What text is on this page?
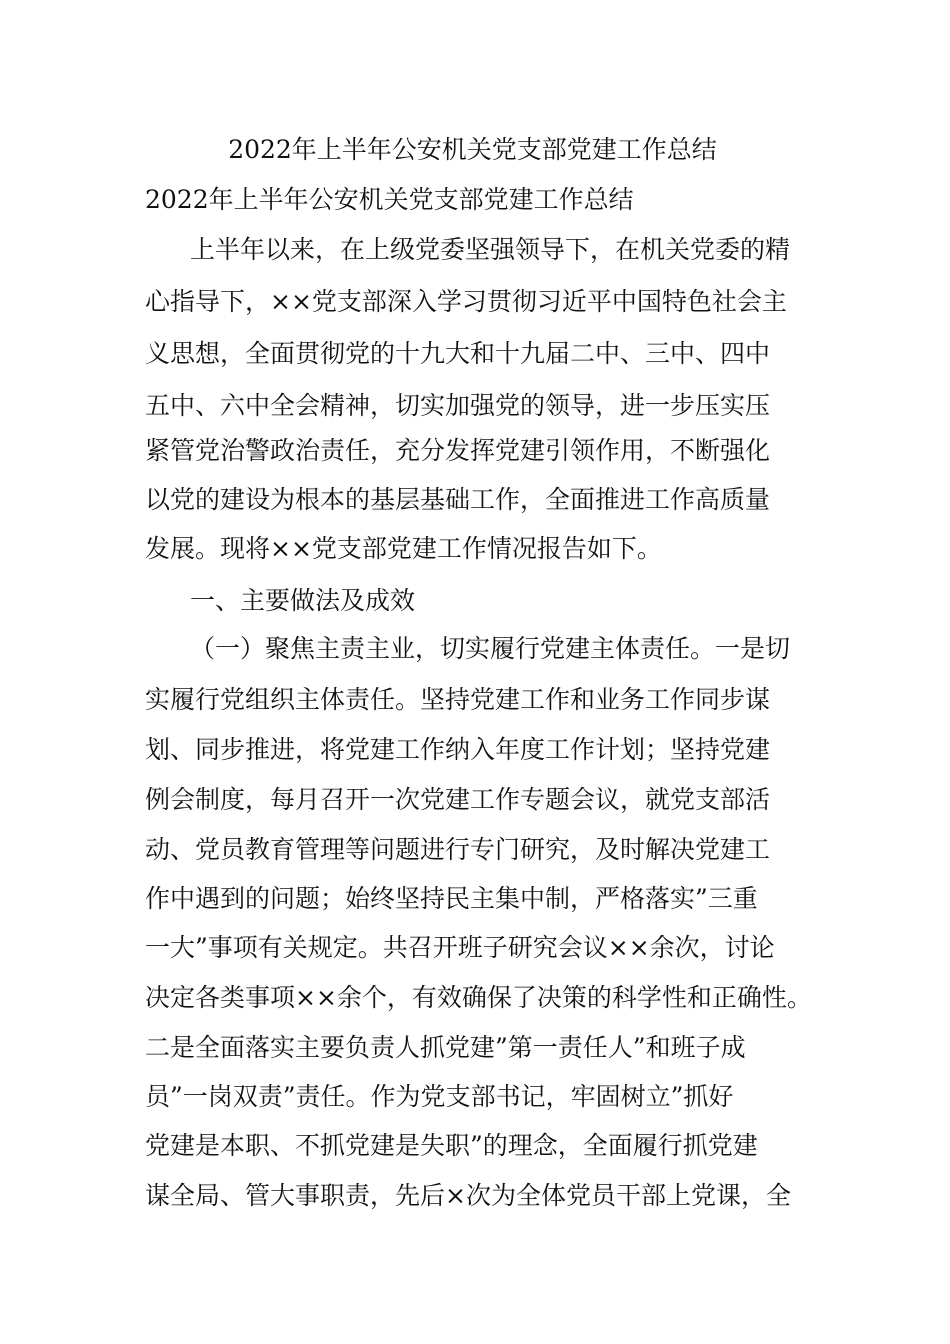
2022年上半年公安机关党支部党建工作总结
2022年上半年公安机关党支部党建工作总结
上半年以来，在上级党委坚强领导下，在机关党委的精
心指导下，××党支部深入学习贯彻习近平中国特色社会主
义思想，全面贯彻党的十九大和十九届二中、三中、四中
五中、六中全会精神，切实加强党的领导，进一步压实压
紧管党治警政治责任，充分发挥党建引领作用，不断强化
以党的建设为根本的基层基础工作，全面推进工作高质量
发展。现将××党支部党建工作情况报告如下。
一、主要做法及成效
（一）聚焦主责主业，切实履行党建主体责任。一是切
实履行党组织主体责任。坚持党建工作和业务工作同步谋
划、同步推进，将党建工作纳入年度工作计划；坚持党建
例会制度，每月召开一次党建工作专题会议，就党支部活
动、党员教育管理等问题进行专门研究，及时解决党建工
作中遇到的问题；始终坚持民主集中制，严格落实”三重
一大”事项有关规定。共召开班子研究会议××余次，讨论
决定各类事项××余个，有效确保了决策的科学性和正确性。
二是全面落实主要负责人抓党建”第一责任人”和班子成
员”一岗双责”责任。作为党支部书记，牢固树立”抓好
党建是本职、不抓党建是失职”的理念，全面履行抓党建
谋全局、管大事职责，先后×次为全体党员干部上党课，全
